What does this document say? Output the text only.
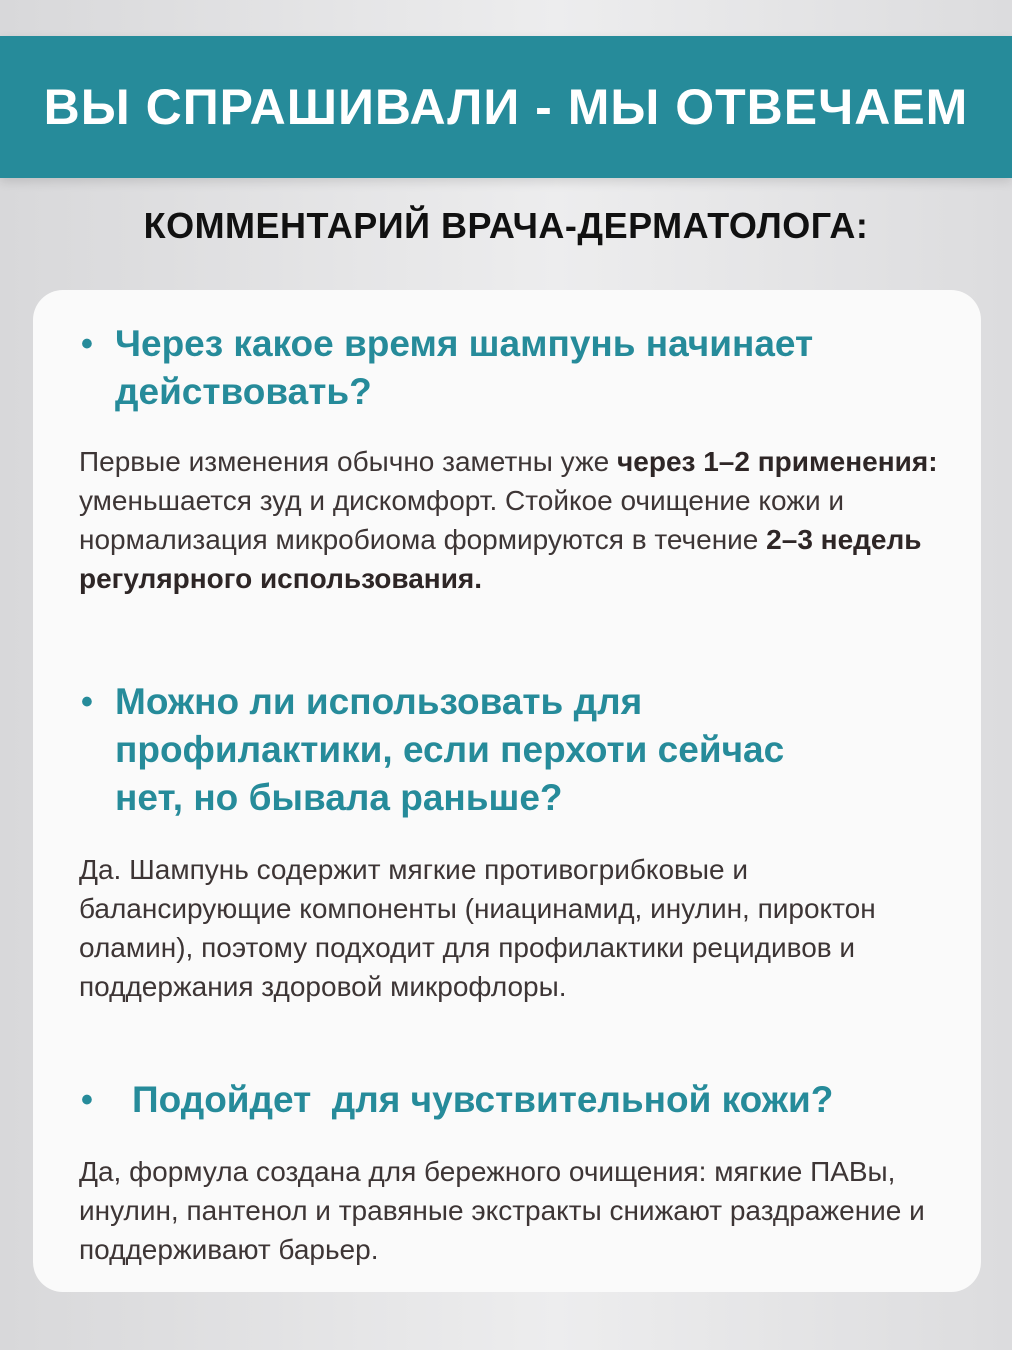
ВЫ СПРАШИВАЛИ - МЫ ОТВЕЧАЕМ
КОММЕНТАРИЙ ВРАЧА-ДЕРМАТОЛОГА:
• Через какое время шампунь начинает
действовать?
Первые изменения обычно заметны уже через 1–2 применения: уменьшается зуд и дискомфорт. Стойкое очищение кожи и нормализация микробиома формируются в течение 2–3 недель регулярного использования.
• Можно ли использовать для
профилактики, если перхоти сейчас
нет, но бывала раньше?
Да. Шампунь содержит мягкие противогрибковые и балансирующие компоненты (ниацинамид, инулин, пироктон оламин), поэтому подходит для профилактики рецидивов и поддержания здоровой микрофлоры.
• Подойдет  для чувствительной кожи?
Да, формула создана для бережного очищения: мягкие ПАВы, инулин, пантенол и травяные экстракты снижают раздражение и поддерживают барьер.
